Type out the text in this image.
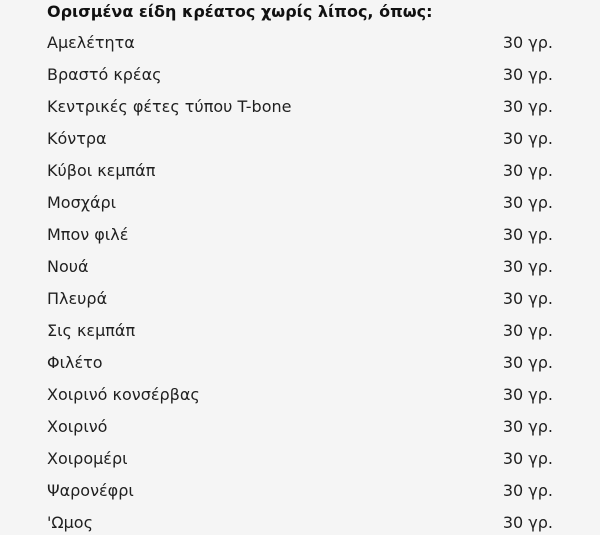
Ορισμένα είδη κρέατος χωρίς λίπος, όπως:
Αμελέτητα	30 γρ.
Βραστό κρέας	30 γρ.
Κεντρικές φέτες τύπου T-bone	30 γρ.
Κόντρα	30 γρ.
Κύβοι κεμπάπ	30 γρ.
Μοσχάρι	30 γρ.
Μπον φιλέ	30 γρ.
Νουά	30 γρ.
Πλευρά	30 γρ.
Σις κεμπάπ	30 γρ.
Φιλέτο	30 γρ.
Χοιρινό κονσέρβας	30 γρ.
Χοιρινό	30 γρ.
Χοιρομέρι	30 γρ.
Ψαρονέφρι	30 γρ.
'Ωμος	30 γρ.
